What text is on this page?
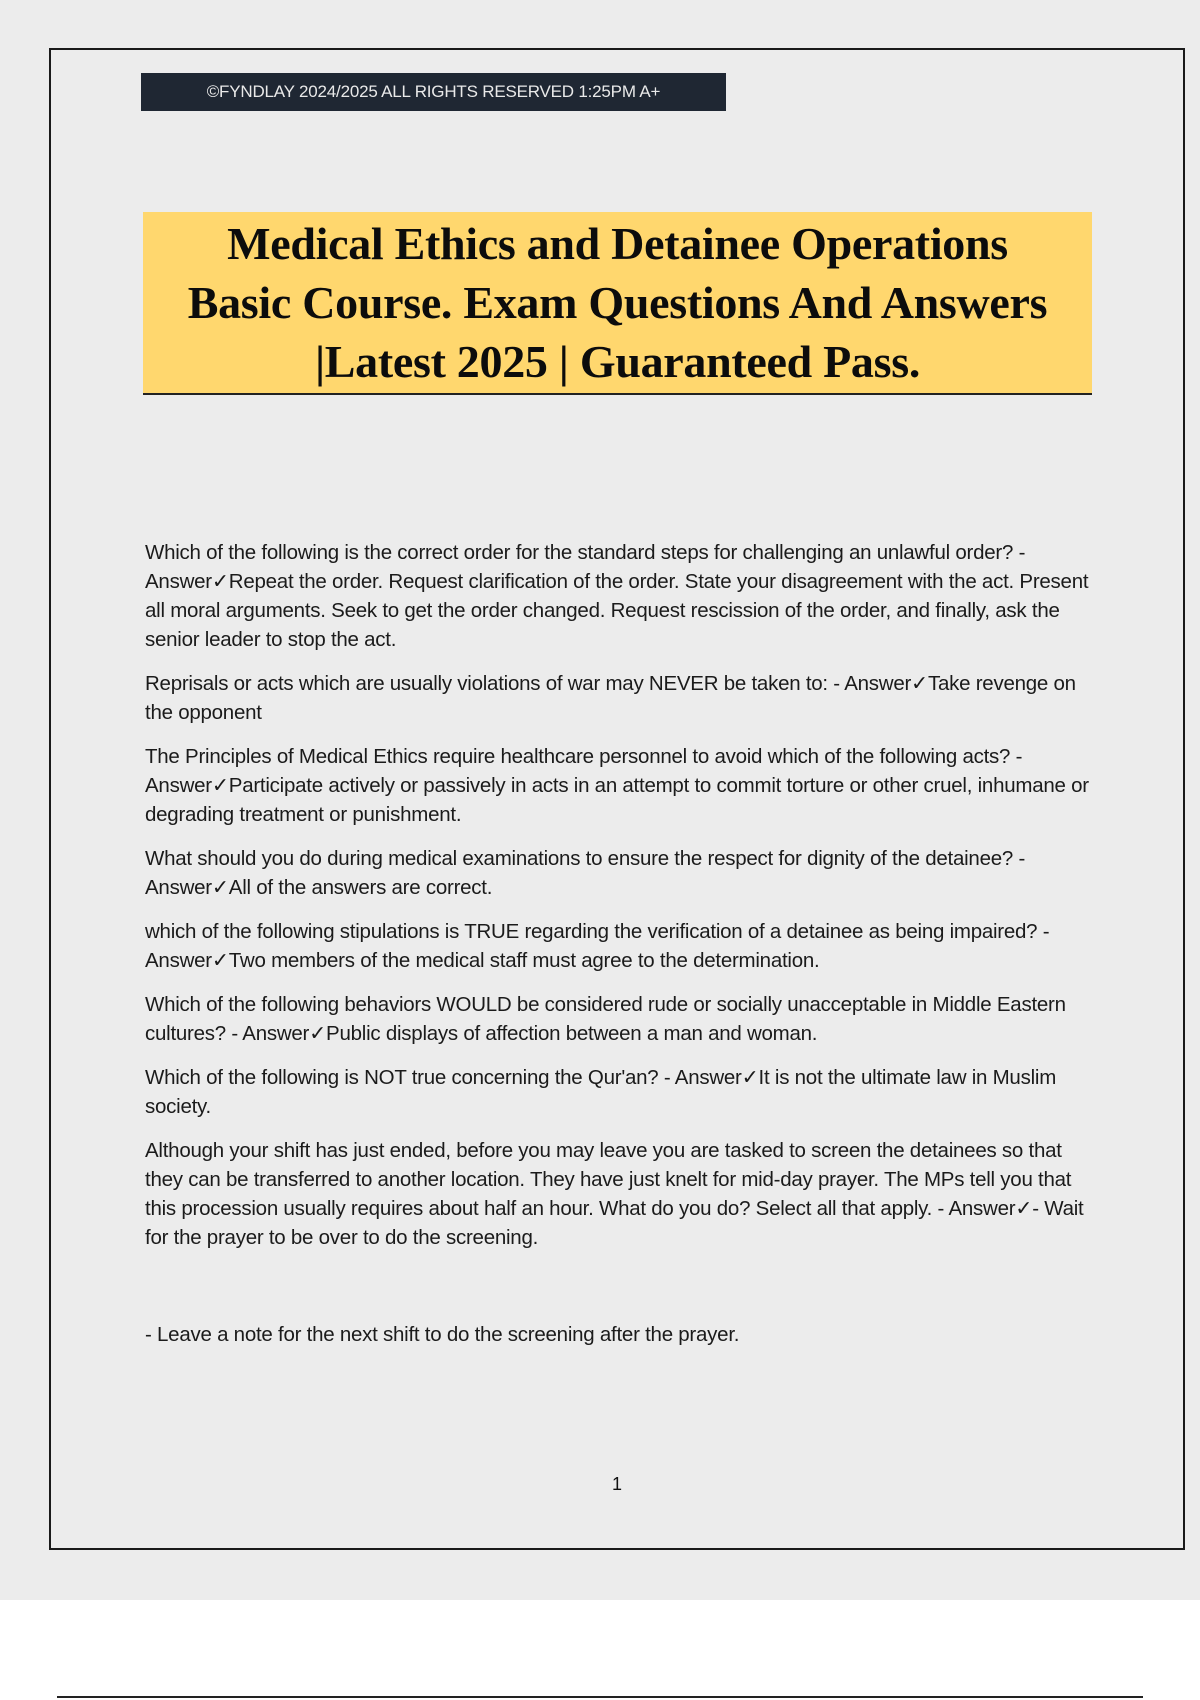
©FYNDLAY 2024/2025 ALL RIGHTS RESERVED 1:25PM A+
Medical Ethics and Detainee Operations
Basic Course. Exam Questions And Answers
|Latest 2025 | Guaranteed Pass.

Which of the following is the correct order for the standard steps for challenging an unlawful order? - Answer✓Repeat the order. Request clarification of the order. State your disagreement with the act. Present all moral arguments. Seek to get the order changed. Request rescission of the order, and finally, ask the senior leader to stop the act.

Reprisals or acts which are usually violations of war may NEVER be taken to: - Answer✓Take revenge on the opponent

The Principles of Medical Ethics require healthcare personnel to avoid which of the following acts? - Answer✓Participate actively or passively in acts in an attempt to commit torture or other cruel, inhumane or degrading treatment or punishment.

What should you do during medical examinations to ensure the respect for dignity of the detainee? - Answer✓All of the answers are correct.

which of the following stipulations is TRUE regarding the verification of a detainee as being impaired? - Answer✓Two members of the medical staff must agree to the determination.

Which of the following behaviors WOULD be considered rude or socially unacceptable in Middle Eastern cultures? - Answer✓Public displays of affection between a man and woman.

Which of the following is NOT true concerning the Qur'an? - Answer✓It is not the ultimate law in Muslim society.

Although your shift has just ended, before you may leave you are tasked to screen the detainees so that they can be transferred to another location. They have just knelt for mid-day prayer. The MPs tell you that this procession usually requires about half an hour. What do you do? Select all that apply. - Answer✓- Wait for the prayer to be over to do the screening.

- Leave a note for the next shift to do the screening after the prayer.

1
